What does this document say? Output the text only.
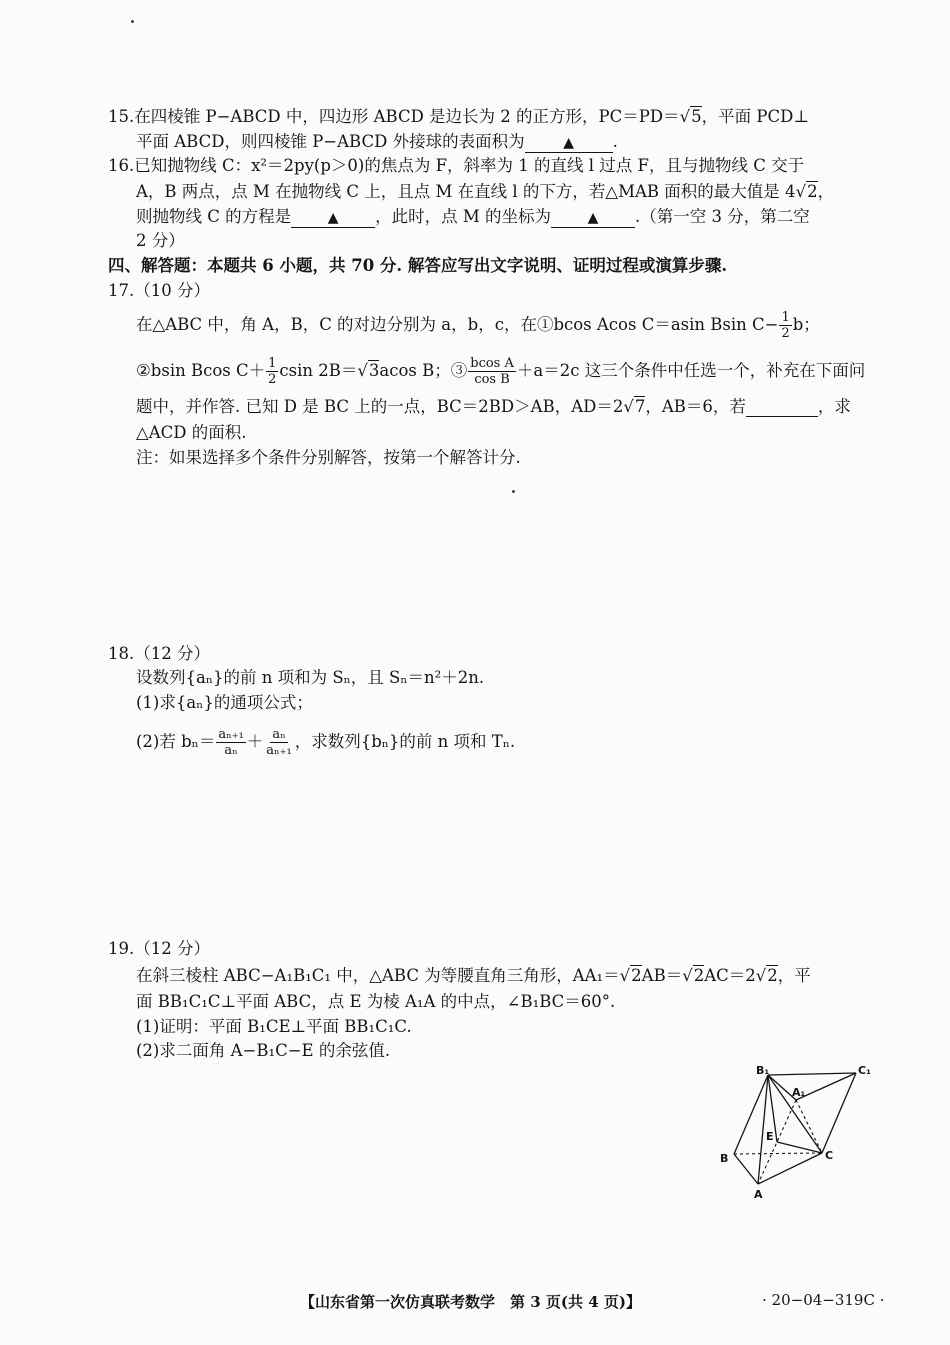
15.在四棱锥 P−ABCD 中，四边形 ABCD 是边长为 2 的正方形，PC＝PD＝√5，平面 PCD⊥
平面 ABCD，则四棱锥 P−ABCD 外接球的表面积为	▲ .
16.已知抛物线 C：x²＝2py(p＞0)的焦点为 F，斜率为 1 的直线 l 过点 F，且与抛物线 C 交于
A，B 两点，点 M 在抛物线 C 上，且点 M 在直线 l 的下方，若△MAB 面积的最大值是 4√2，
则抛物线 C 的方程是	▲ ，此时，点 M 的坐标为	▲ .（第一空 3 分，第二空
2 分）
四、解答题：本题共 6 小题，共 70 分. 解答应写出文字说明、证明过程或演算步骤.
17.（10 分）
在△ABC 中，角 A，B，C 的对边分别为 a，b，c，在①bcos Acos C＝asin Bsin $C- \frac{1}{2}$ b；
②bsin Bcos $C+ \frac{1}{2}$ csin 2B＝√3acos B；③ $\frac{\text{bcos A}}{\text{cos B}} +a=2c$ 这三个条件中任选一个，补充在下面问
题中，并作答. 已知 D 是 BC 上的一点，BC＝2BD＞AB，AD＝2√7，AB＝6，若	，求
△ACD 的面积.
注：如果选择多个条件分别解答，按第一个解答计分.
18.（12 分）
设数列{aₙ}的前 n 项和为 Sₙ，且 Sₙ＝n²＋2n.
(1)求{aₙ}的通项公式；
(2)若 $b_n= \frac{\text{aₙ₊₁}}{\text{aₙ}} + \frac{\text{aₙ}}{\text{aₙ₊₁}}$ ，求数列{bₙ}的前 n 项和 Tₙ.
19.（12 分）
在斜三棱柱 ABC−A₁B₁C₁ 中，△ABC 为等腰直角三角形，AA₁＝√2AB＝√2AC＝2√2，平
面 BB₁C₁C⊥平面 ABC，点 E 为棱 A₁A 的中点，∠B₁BC＝60°.
(1)证明：平面 B₁CE⊥平面 BB₁C₁C.
(2)求二面角 A−B₁C−E 的余弦值.
B₁	C₁
A₁
E
B	C
A
【山东省第一次仿真联考数学　第 3 页(共 4 页)】	· 20−04−319C ·
